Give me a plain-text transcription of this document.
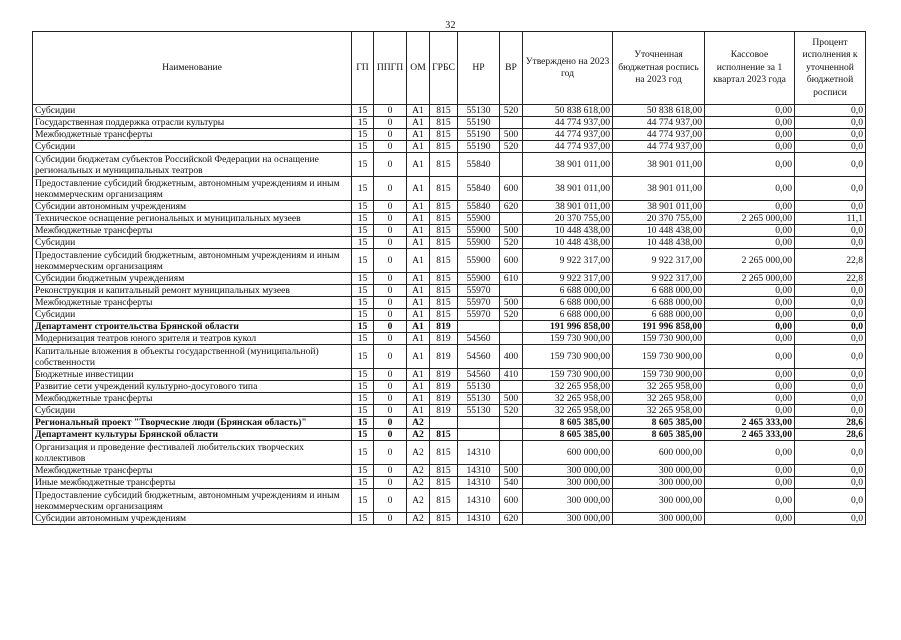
32
Наименование	ГП	ППГП	ОМ	ГРБС	НР	ВР	Утверждено на 2023 год	Уточненная бюджетная роспись на 2023 год	Кассовое исполнение за 1 квартал 2023 года	Процент исполнения к уточненной бюджетной росписи
Субсидии	15	0	А1	815	55130	520	50 838 618,00	50 838 618,00	0,00	0,0
Государственная поддержка отрасли культуры	15	0	А1	815	55190		44 774 937,00	44 774 937,00	0,00	0,0
Межбюджетные трансферты	15	0	А1	815	55190	500	44 774 937,00	44 774 937,00	0,00	0,0
Субсидии	15	0	А1	815	55190	520	44 774 937,00	44 774 937,00	0,00	0,0
Субсидии бюджетам субъектов Российской Федерации на оснащение региональных и муниципальных театров	15	0	А1	815	55840		38 901 011,00	38 901 011,00	0,00	0,0
Предоставление субсидий бюджетным, автономным учреждениям и иным некоммерческим организациям	15	0	А1	815	55840	600	38 901 011,00	38 901 011,00	0,00	0,0
Субсидии автономным учреждениям	15	0	А1	815	55840	620	38 901 011,00	38 901 011,00	0,00	0,0
Техническое оснащение региональных и муниципальных музеев	15	0	А1	815	55900		20 370 755,00	20 370 755,00	2 265 000,00	11,1
Межбюджетные трансферты	15	0	А1	815	55900	500	10 448 438,00	10 448 438,00	0,00	0,0
Субсидии	15	0	А1	815	55900	520	10 448 438,00	10 448 438,00	0,00	0,0
Предоставление субсидий бюджетным, автономным учреждениям и иным некоммерческим организациям	15	0	А1	815	55900	600	9 922 317,00	9 922 317,00	2 265 000,00	22,8
Субсидии бюджетным учреждениям	15	0	А1	815	55900	610	9 922 317,00	9 922 317,00	2 265 000,00	22,8
Реконструкция и капитальный ремонт муниципальных музеев	15	0	А1	815	55970		6 688 000,00	6 688 000,00	0,00	0,0
Межбюджетные трансферты	15	0	А1	815	55970	500	6 688 000,00	6 688 000,00	0,00	0,0
Субсидии	15	0	А1	815	55970	520	6 688 000,00	6 688 000,00	0,00	0,0
Департамент строительства Брянской области	15	0	А1	819			191 996 858,00	191 996 858,00	0,00	0,0
Модернизация театров юного зрителя и театров кукол	15	0	А1	819	54560		159 730 900,00	159 730 900,00	0,00	0,0
Капитальные вложения в объекты государственной (муниципальной) собственности	15	0	А1	819	54560	400	159 730 900,00	159 730 900,00	0,00	0,0
Бюджетные инвестиции	15	0	А1	819	54560	410	159 730 900,00	159 730 900,00	0,00	0,0
Развитие сети учреждений культурно-досугового типа	15	0	А1	819	55130		32 265 958,00	32 265 958,00	0,00	0,0
Межбюджетные трансферты	15	0	А1	819	55130	500	32 265 958,00	32 265 958,00	0,00	0,0
Субсидии	15	0	А1	819	55130	520	32 265 958,00	32 265 958,00	0,00	0,0
Региональный проект "Творческие люди (Брянская область)"	15	0	А2				8 605 385,00	8 605 385,00	2 465 333,00	28,6
Департамент культуры Брянской области	15	0	А2	815			8 605 385,00	8 605 385,00	2 465 333,00	28,6
Организация и проведение фестивалей любительских творческих коллективов	15	0	А2	815	14310		600 000,00	600 000,00	0,00	0,0
Межбюджетные трансферты	15	0	А2	815	14310	500	300 000,00	300 000,00	0,00	0,0
Иные межбюджетные трансферты	15	0	А2	815	14310	540	300 000,00	300 000,00	0,00	0,0
Предоставление субсидий бюджетным, автономным учреждениям и иным некоммерческим организациям	15	0	А2	815	14310	600	300 000,00	300 000,00	0,00	0,0
Субсидии автономным учреждениям	15	0	А2	815	14310	620	300 000,00	300 000,00	0,00	0,0
